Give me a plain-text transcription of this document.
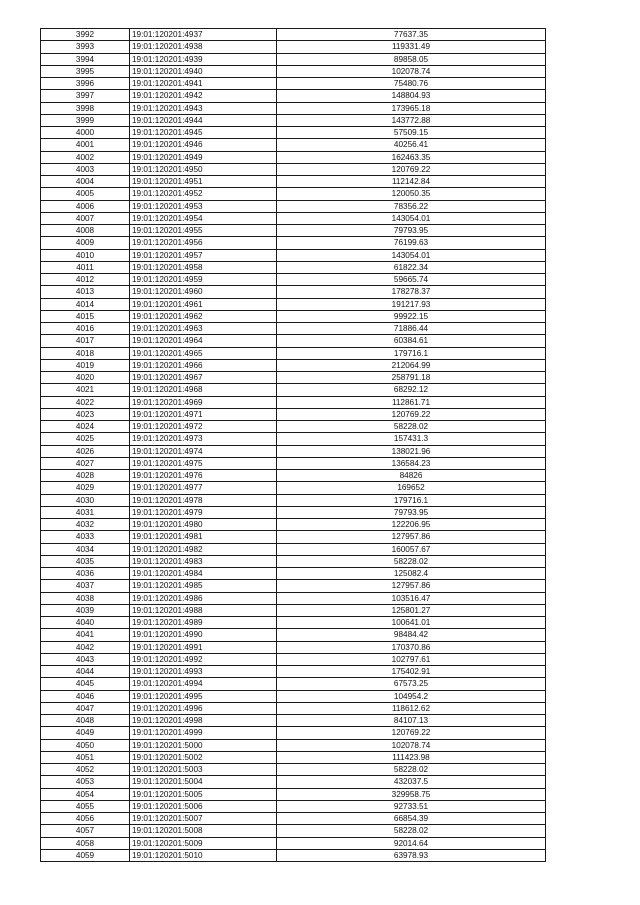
3992	19:01:120201:4937	77637.35
3993	19:01:120201:4938	119331.49
3994	19:01:120201:4939	89858.05
3995	19:01:120201:4940	102078.74
3996	19:01:120201:4941	75480.76
3997	19:01:120201:4942	148804.93
3998	19:01:120201:4943	173965.18
3999	19:01:120201:4944	143772.88
4000	19:01:120201:4945	57509.15
4001	19:01:120201:4946	40256.41
4002	19:01:120201:4949	162463.35
4003	19:01:120201:4950	120769.22
4004	19:01:120201:4951	112142.84
4005	19:01:120201:4952	120050.35
4006	19:01:120201:4953	78356.22
4007	19:01:120201:4954	143054.01
4008	19:01:120201:4955	79793.95
4009	19:01:120201:4956	76199.63
4010	19:01:120201:4957	143054.01
4011	19:01:120201:4958	61822.34
4012	19:01:120201:4959	59665.74
4013	19:01:120201:4960	178278.37
4014	19:01:120201:4961	191217.93
4015	19:01:120201:4962	99922.15
4016	19:01:120201:4963	71886.44
4017	19:01:120201:4964	60384.61
4018	19:01:120201:4965	179716.1
4019	19:01:120201:4966	212064.99
4020	19:01:120201:4967	258791.18
4021	19:01:120201:4968	68292.12
4022	19:01:120201:4969	112861.71
4023	19:01:120201:4971	120769.22
4024	19:01:120201:4972	58228.02
4025	19:01:120201:4973	157431.3
4026	19:01:120201:4974	138021.96
4027	19:01:120201:4975	136584.23
4028	19:01:120201:4976	84826
4029	19:01:120201:4977	169652
4030	19:01:120201:4978	179716.1
4031	19:01:120201:4979	79793.95
4032	19:01:120201:4980	122206.95
4033	19:01:120201:4981	127957.86
4034	19:01:120201:4982	160057.67
4035	19:01:120201:4983	58228.02
4036	19:01:120201:4984	125082.4
4037	19:01:120201:4985	127957.86
4038	19:01:120201:4986	103516.47
4039	19:01:120201:4988	125801.27
4040	19:01:120201:4989	100641.01
4041	19:01:120201:4990	98484.42
4042	19:01:120201:4991	170370.86
4043	19:01:120201:4992	102797.61
4044	19:01:120201:4993	175402.91
4045	19:01:120201:4994	67573.25
4046	19:01:120201:4995	104954.2
4047	19:01:120201:4996	118612.62
4048	19:01:120201:4998	84107.13
4049	19:01:120201:4999	120769.22
4050	19:01:120201:5000	102078.74
4051	19:01:120201:5002	111423.98
4052	19:01:120201:5003	58228.02
4053	19:01:120201:5004	432037.5
4054	19:01:120201:5005	329958.75
4055	19:01:120201:5006	92733.51
4056	19:01:120201:5007	66854.39
4057	19:01:120201:5008	58228.02
4058	19:01:120201:5009	92014.64
4059	19:01:120201:5010	63978.93
